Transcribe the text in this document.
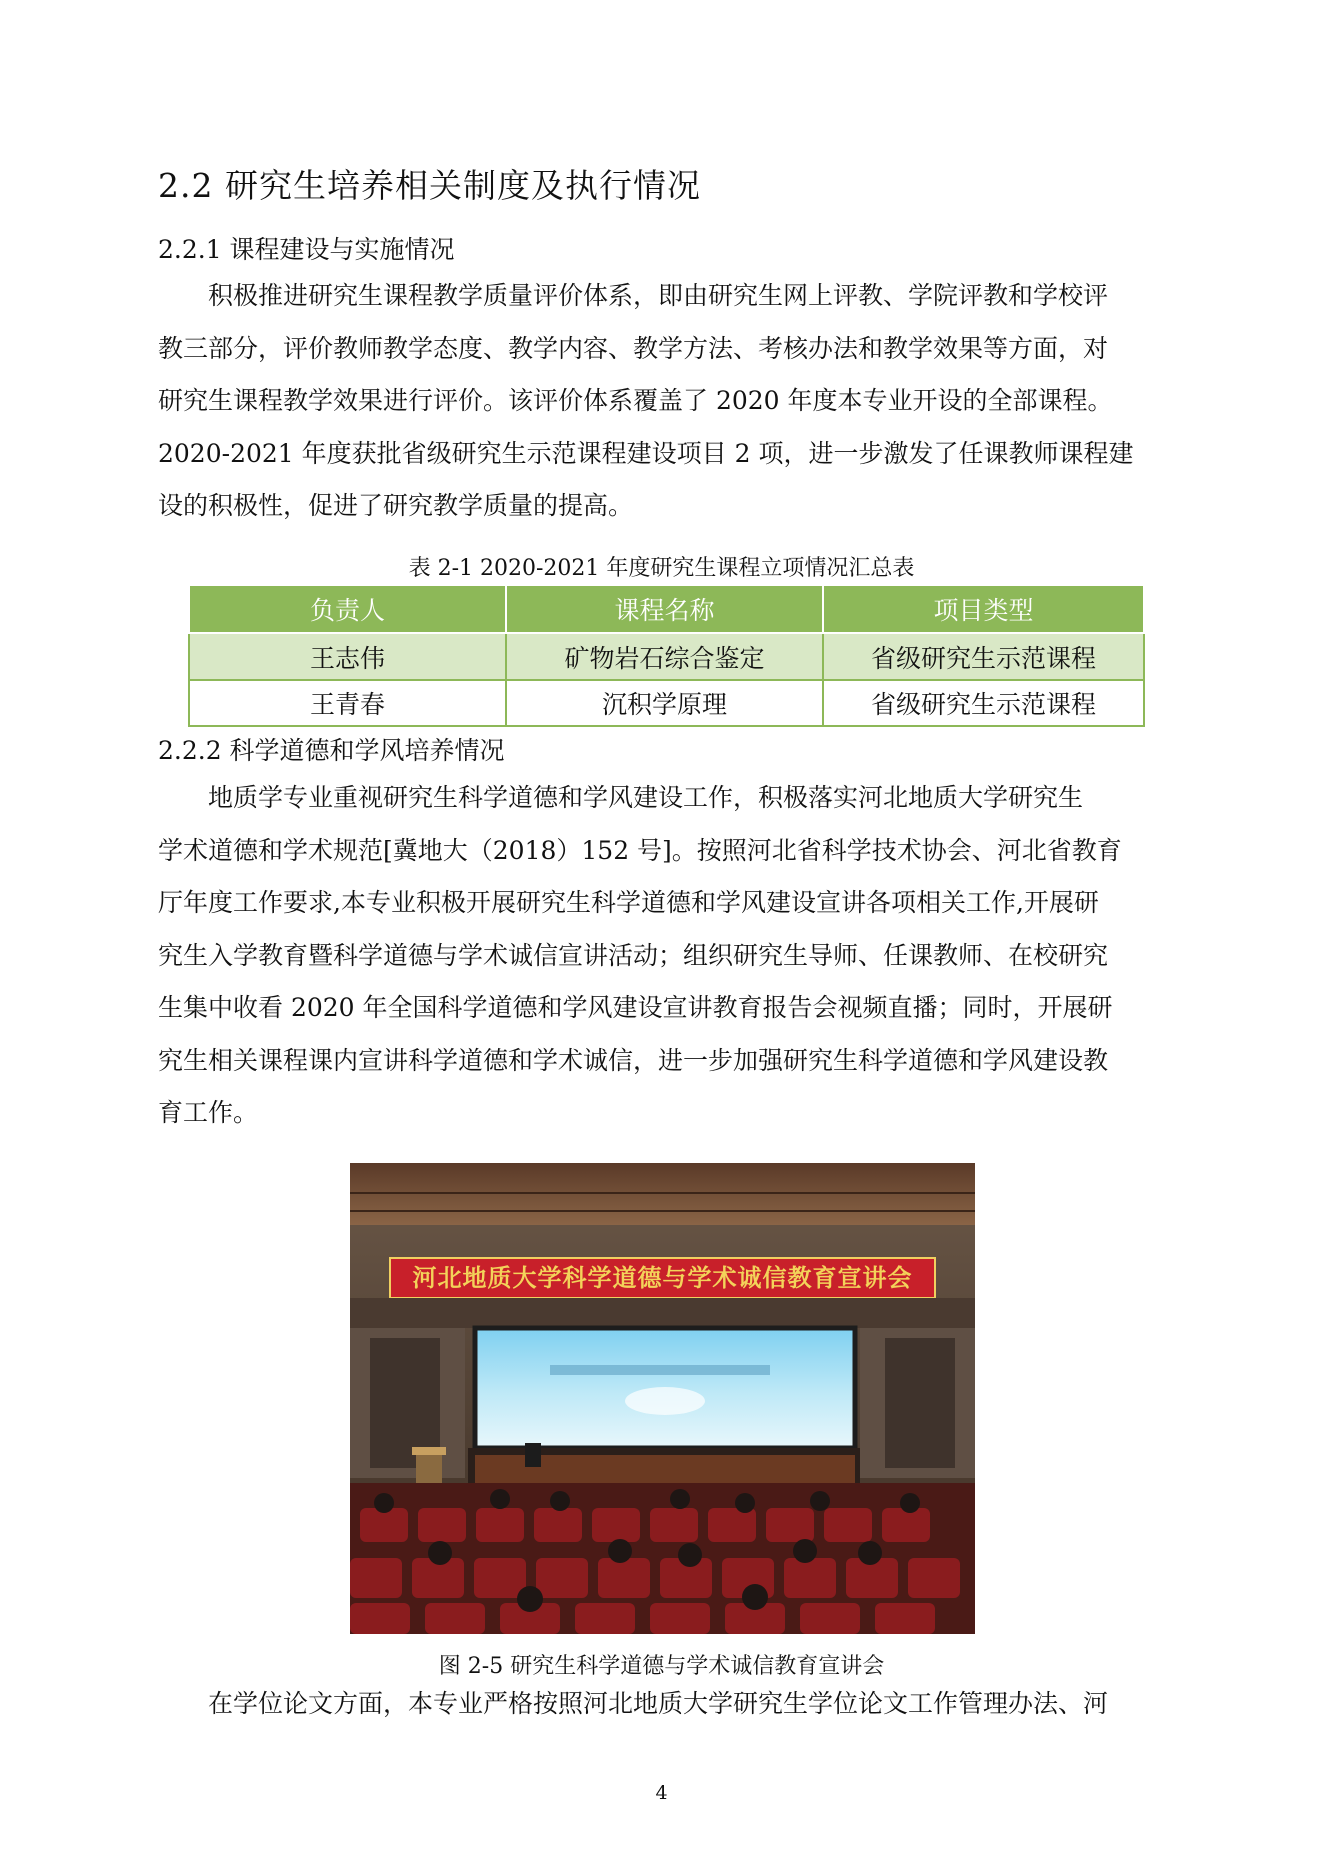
2.2 研究生培养相关制度及执行情况
2.2.1 课程建设与实施情况

　　积极推进研究生课程教学质量评价体系，即由研究生网上评教、学院评教和学校评

教三部分，评价教师教学态度、教学内容、教学方法、考核办法和教学效果等方面，对

研究生课程教学效果进行评价。该评价体系覆盖了 2020 年度本专业开设的全部课程。

2020-2021 年度获批省级研究生示范课程建设项目 2 项，进一步激发了任课教师课程建

设的积极性，促进了研究教学质量的提高。

表 2-1 2020-2021 年度研究生课程立项情况汇总表
负责人	课程名称	项目类型
王志伟	矿物岩石综合鉴定	省级研究生示范课程
王青春	沉积学原理	省级研究生示范课程
2.2.2 科学道德和学风培养情况

　　地质学专业重视研究生科学道德和学风建设工作，积极落实河北地质大学研究生

学术道德和学术规范[冀地大（2018）152 号]。按照河北省科学技术协会、河北省教育

厅年度工作要求,本专业积极开展研究生科学道德和学风建设宣讲各项相关工作,开展研

究生入学教育暨科学道德与学术诚信宣讲活动；组织研究生导师、任课教师、在校研究

生集中收看 2020 年全国科学道德和学风建设宣讲教育报告会视频直播；同时，开展研

究生相关课程课内宣讲科学道德和学术诚信，进一步加强研究生科学道德和学风建设教

育工作。

河北地质大学科学道德与学术诚信教育宣讲会
图 2-5 研究生科学道德与学术诚信教育宣讲会

　　在学位论文方面，本专业严格按照河北地质大学研究生学位论文工作管理办法、河

4
